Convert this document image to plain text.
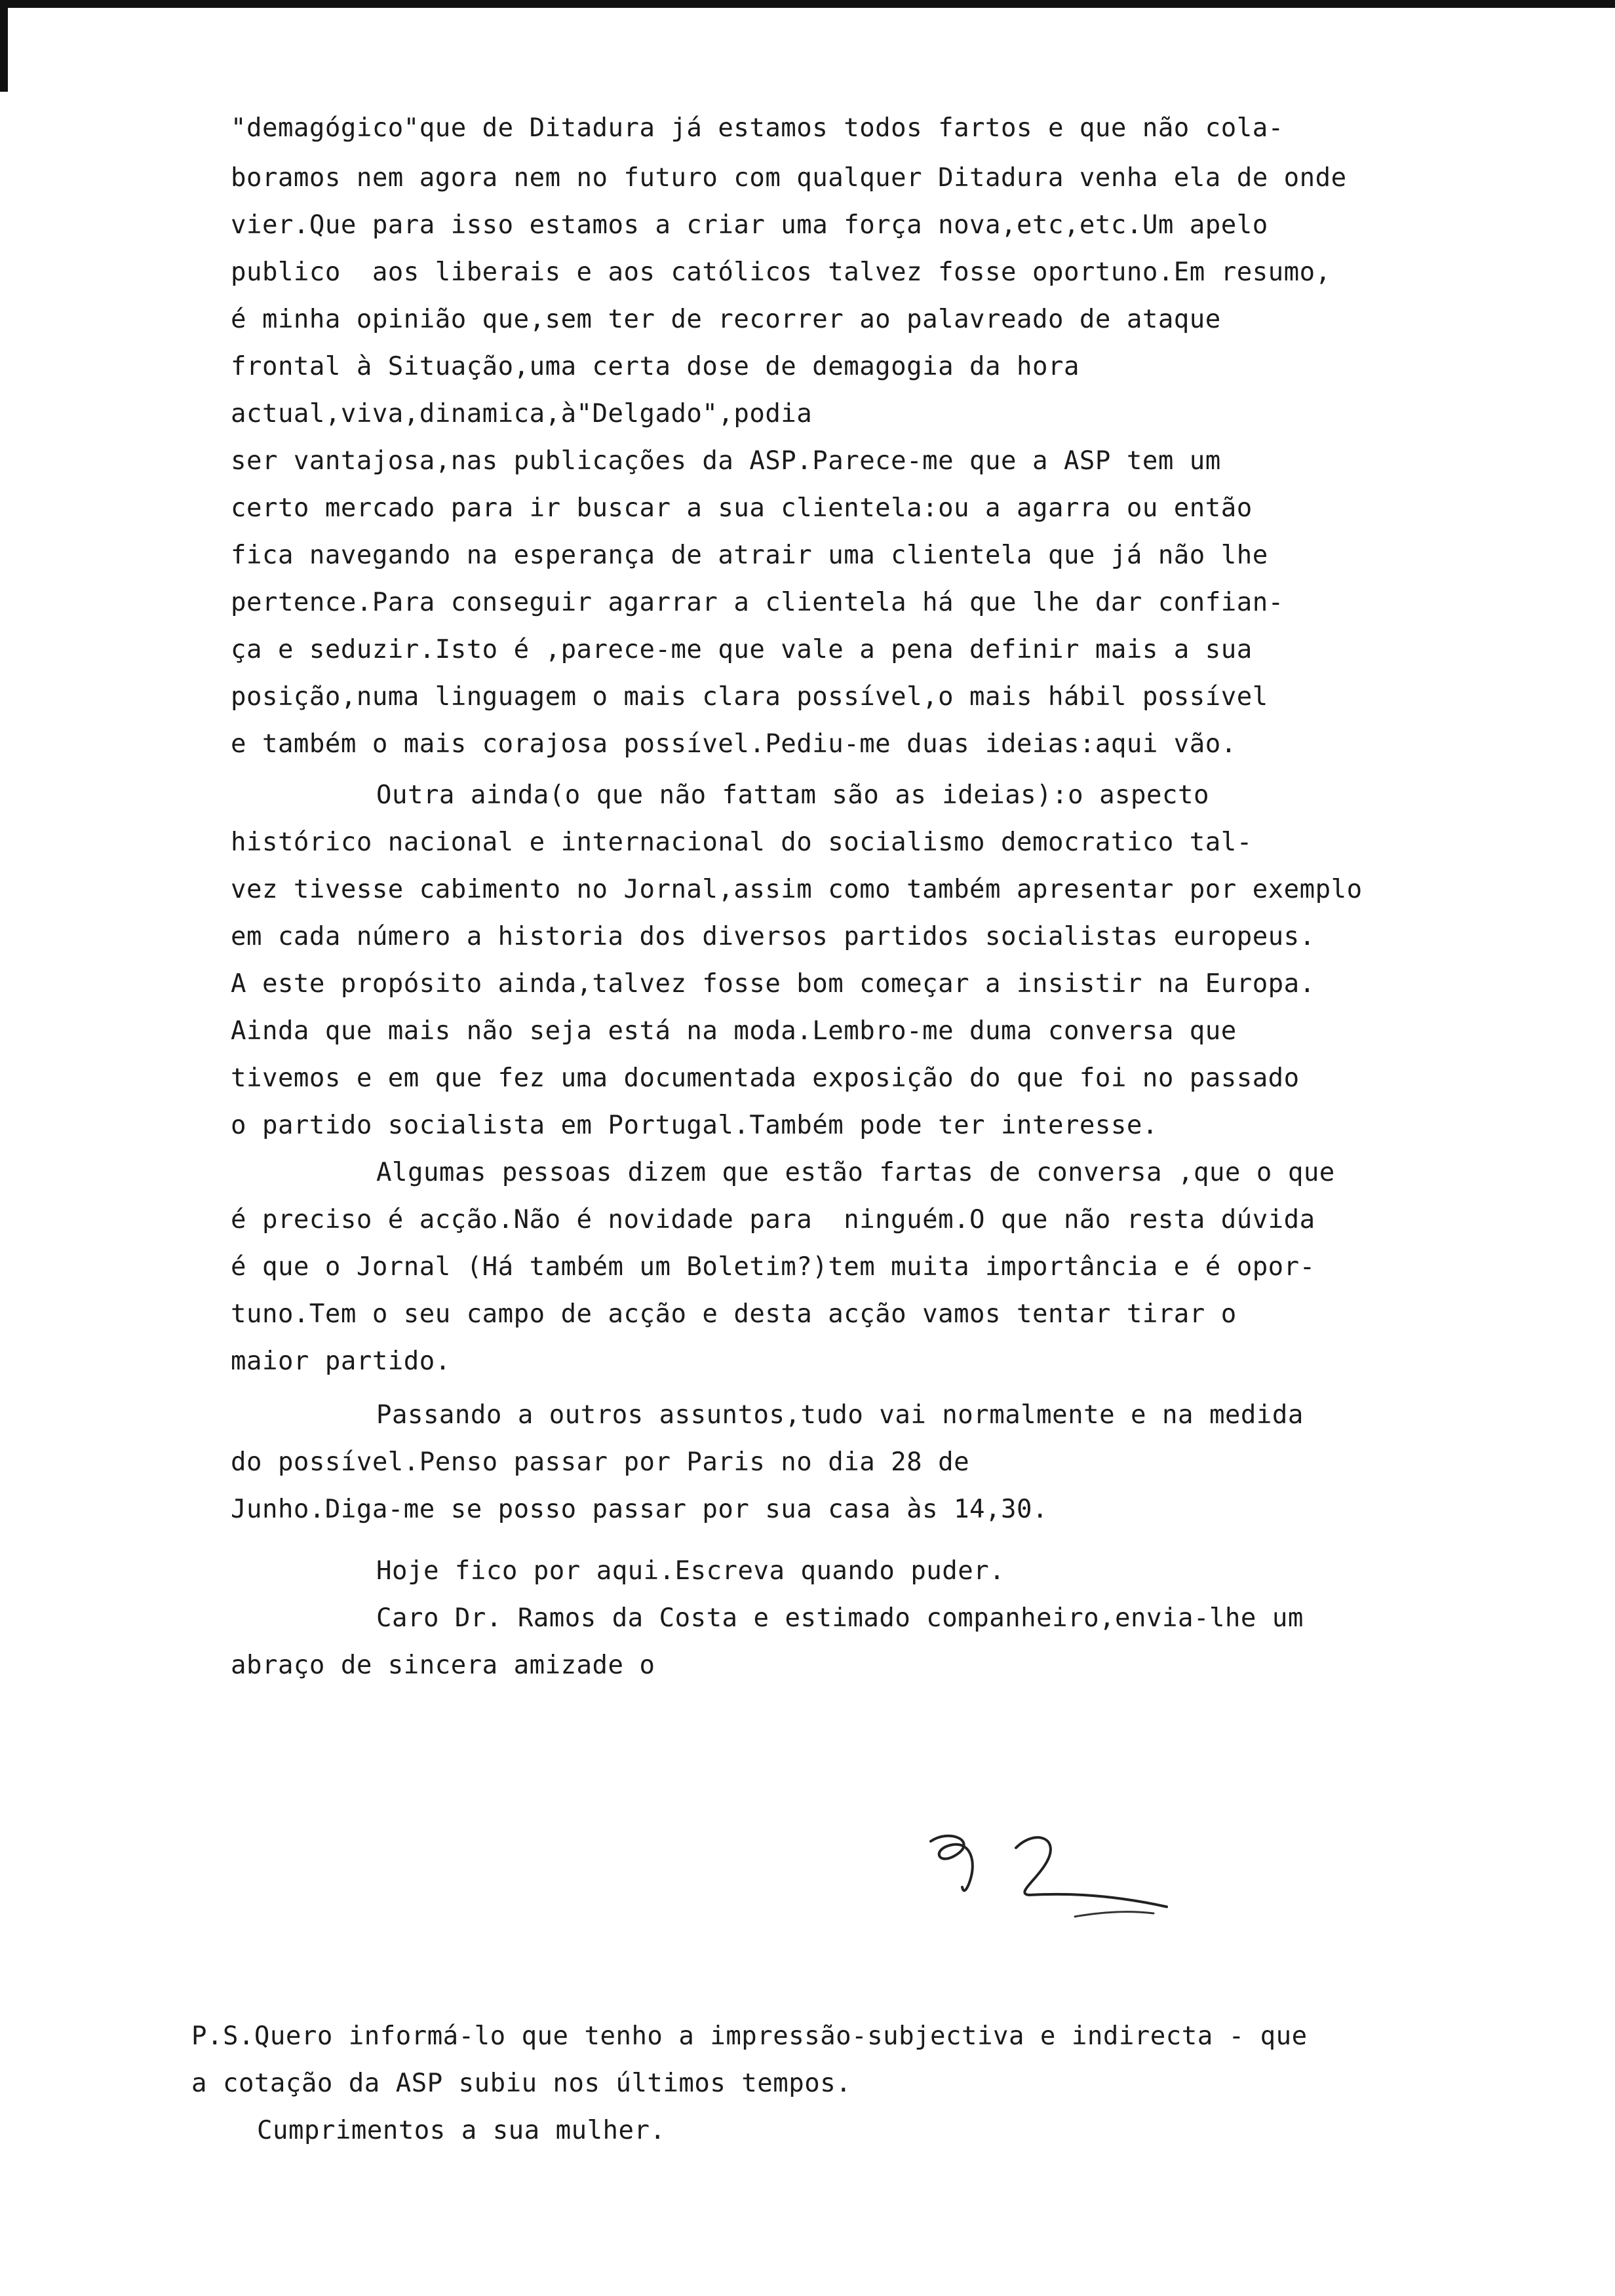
"demagógico"que de Ditadura já estamos todos fartos e que não cola-
boramos nem agora nem no futuro com qualquer Ditadura venha ela de onde
vier.Que para isso estamos a criar uma força nova,etc,etc.Um apelo
publico  aos liberais e aos católicos talvez fosse oportuno.Em resumo,
é minha opinião que,sem ter de recorrer ao palavreado de ataque
frontal à Situação,uma certa dose de demagogia da hora
actual,viva,dinamica,à"Delgado",podia
ser vantajosa,nas publicações da ASP.Parece-me que a ASP tem um
certo mercado para ir buscar a sua clientela:ou a agarra ou então
fica navegando na esperança de atrair uma clientela que já não lhe
pertence.Para conseguir agarrar a clientela há que lhe dar confian-
ça e seduzir.Isto é ,parece-me que vale a pena definir mais a sua
posição,numa linguagem o mais clara possível,o mais hábil possível
e também o mais corajosa possível.Pediu-me duas ideias:aqui vão.
Outra ainda(o que não fattam são as ideias):o aspecto
histórico nacional e internacional do socialismo democratico tal-
vez tivesse cabimento no Jornal,assim como também apresentar por exemplo
em cada número a historia dos diversos partidos socialistas europeus.
A este propósito ainda,talvez fosse bom começar a insistir na Europa.
Ainda que mais não seja está na moda.Lembro-me duma conversa que
tivemos e em que fez uma documentada exposição do que foi no passado
o partido socialista em Portugal.Também pode ter interesse.
Algumas pessoas dizem que estão fartas de conversa ,que o que
é preciso é acção.Não é novidade para  ninguém.O que não resta dúvida
é que o Jornal (Há também um Boletim?)tem muita importância e é opor-
tuno.Tem o seu campo de acção e desta acção vamos tentar tirar o
maior partido.
Passando a outros assuntos,tudo vai normalmente e na medida
do possível.Penso passar por Paris no dia 28 de
Junho.Diga-me se posso passar por sua casa às 14,30.
Hoje fico por aqui.Escreva quando puder.
Caro Dr. Ramos da Costa e estimado companheiro,envia-lhe um
abraço de sincera amizade o
P.S.Quero informá-lo que tenho a impressão-subjectiva e indirecta - que
a cotação da ASP subiu nos últimos tempos.
Cumprimentos a sua mulher.
